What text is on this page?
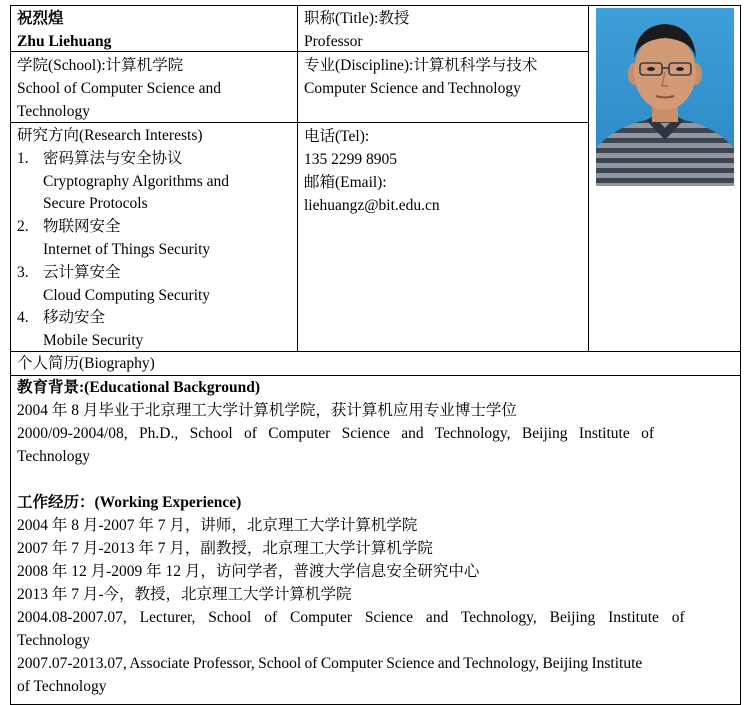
祝烈煌
Zhu Liehuang
职称(Title):教授
Professor
学院(School):计算机学院
School of Computer Science and
Technology
专业(Discipline):计算机科学与技术
Computer Science and Technology
研究方向(Research Interests)
1. 密码算法与安全协议
Cryptography Algorithms and
Secure Protocols
2. 物联网安全
Internet of Things Security
3. 云计算安全
Cloud Computing Security
4. 移动安全
Mobile Security
电话(Tel):
135 2299 8905
邮箱(Email):
liehuangz@bit.edu.cn
个人简历(Biography)
教育背景:(Educational Background)
2004 年 8 月毕业于北京理工大学计算机学院，获计算机应用专业博士学位
2000/09-2004/08, Ph.D., School of Computer Science and Technology, Beijing Institute of
Technology
工作经历：(Working Experience)
2004 年 8 月-2007 年 7 月，讲师，北京理工大学计算机学院
2007 年 7 月-2013 年 7 月，副教授，北京理工大学计算机学院
2008 年 12 月-2009 年 12 月，访问学者，普渡大学信息安全研究中心
2013 年 7 月-今，教授，北京理工大学计算机学院
2004.08-2007.07, Lecturer, School of Computer Science and Technology, Beijing Institute of
Technology
2007.07-2013.07, Associate Professor, School of Computer Science and Technology, Beijing Institute
of Technology
